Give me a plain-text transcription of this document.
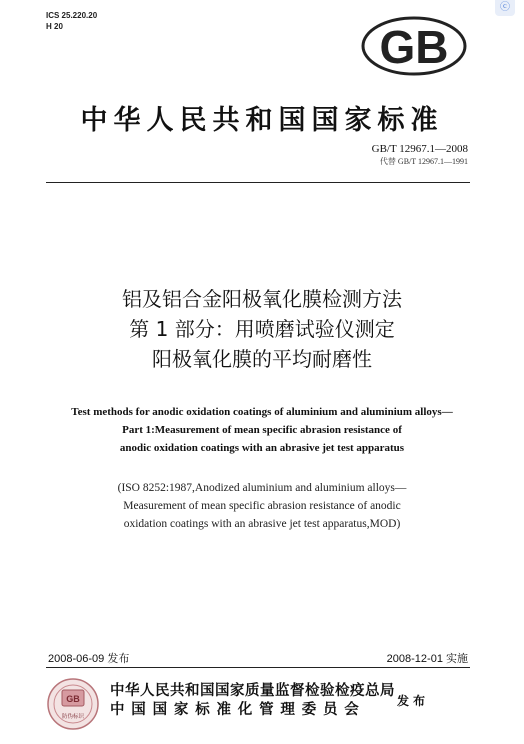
ICS 25.220.20
H 20	GB
中华人民共和国国家标准
GB/T 12967.1—2008
代替 GB/T 12967.1—1991
铝及铝合金阳极氧化膜检测方法
第 1 部分：用喷磨试验仪测定
阳极氧化膜的平均耐磨性
Test methods for anodic oxidation coatings of aluminium and aluminium alloys—
Part 1:Measurement of mean specific abrasion resistance of
anodic oxidation coatings with an abrasive jet test apparatus
(ISO 8252:1987,Anodized aluminium and aluminium alloys—
Measurement of mean specific abrasion resistance of anodic
oxidation coatings with an abrasive jet test apparatus,MOD)
2008-06-09 发布	2008-12-01 实施
GB
防伪标识
中华人民共和国国家质量监督检验检疫总局
中国国家标准化管理委员会	发布
ⓒ
